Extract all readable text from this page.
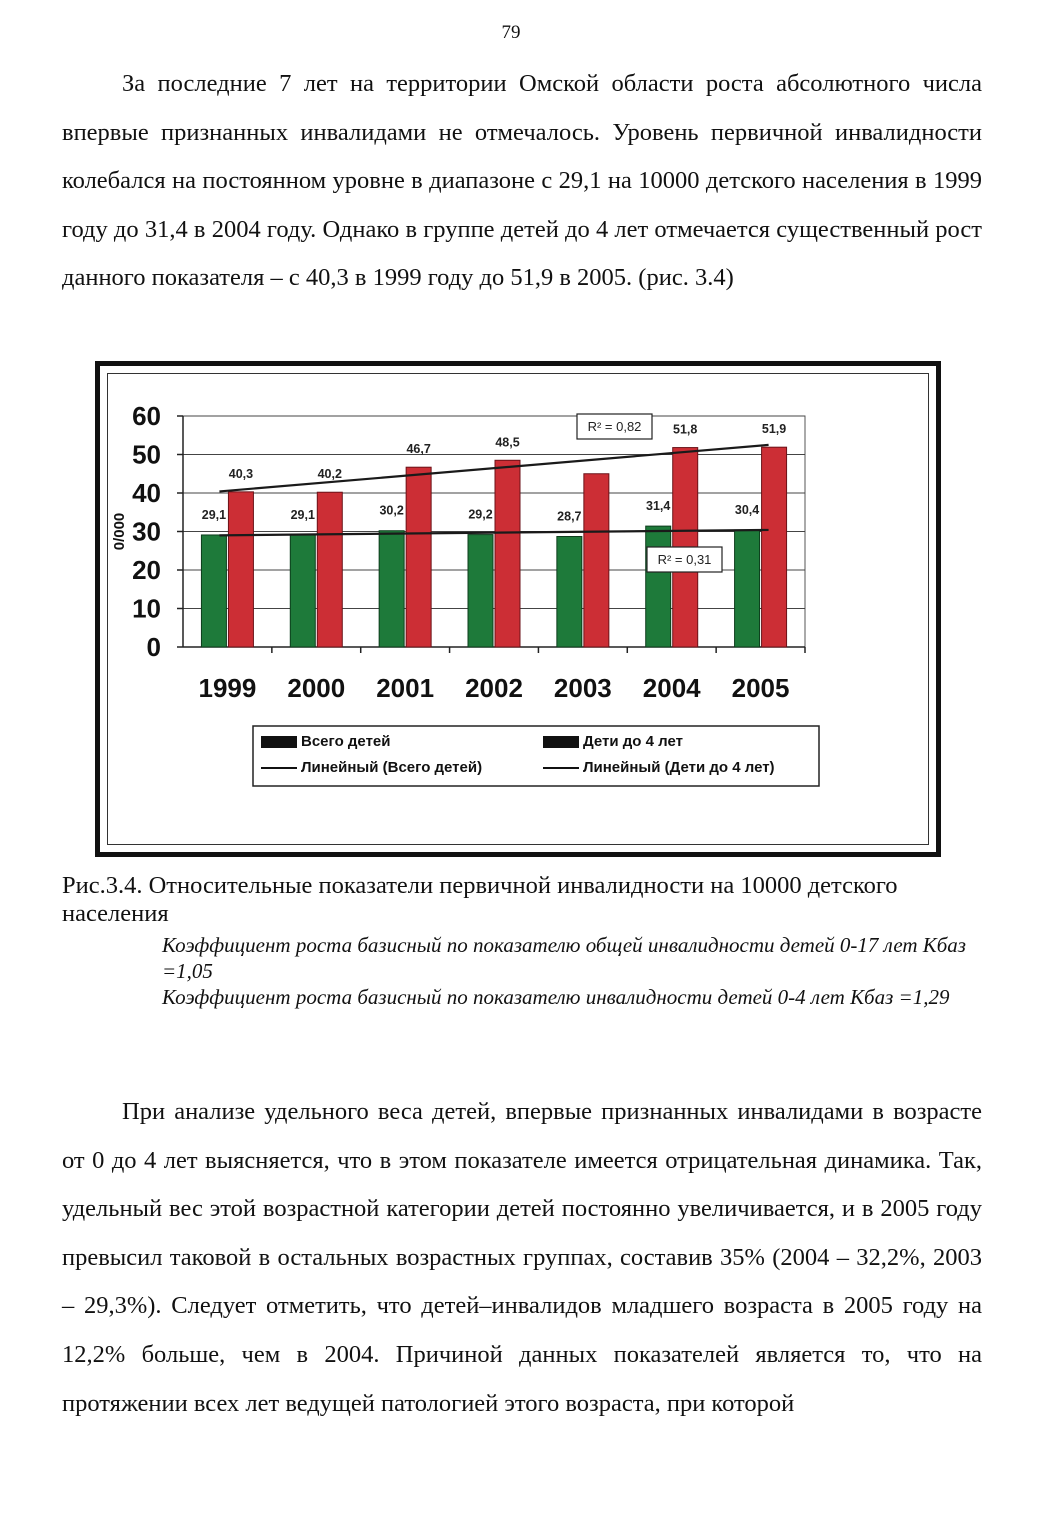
79

За последние 7 лет на территории Омской области роста абсолютного числа впервые признанных инвалидами не отмечалось. Уровень первичной инвалидности колебался на постоянном уровне в диапазоне с 29,1 на 10000 детского населения в 1999 году до 31,4 в 2004 году. Однако в группе детей до 4 лет отмечается существенный рост данного показателя – с 40,3 в 1999 году до 51,9 в 2005. (рис. 3.4)

0
10
20
30
40
50
60
0/000	29,1
40,3
1999
29,1
40,2
2000
30,2
46,7
2001
29,2
48,5
2002
28,7
2003
31,4
51,8
2004
30,4
51,9
2005
R² = 0,31
R² = 0,82
Всего детей	Дети до 4 лет
Линейный (Всего детей)	Линейный (Дети до 4 лет)
Рис.3.4. Относительные показатели первичной инвалидности на 10000 детского населения
Коэффициент роста базисный по показателю общей инвалидности детей 0-17 лет Кбаз =1,05
Коэффициент роста базисный по показателю инвалидности детей 0-4 лет Кбаз =1,29

При анализе удельного веса детей, впервые признанных инвалидами в возрасте от 0 до 4 лет выясняется, что в этом показателе имеется отрицательная динамика. Так, удельный вес этой возрастной категории детей постоянно увеличивается, и в 2005 году превысил таковой в остальных возрастных группах, составив 35% (2004 – 32,2%, 2003 – 29,3%). Следует отметить, что детей–инвалидов младшего возраста в 2005 году на 12,2% больше, чем в 2004. Причиной данных показателей является то, что на протяжении всех лет ведущей патологией этого возраста, при которой
